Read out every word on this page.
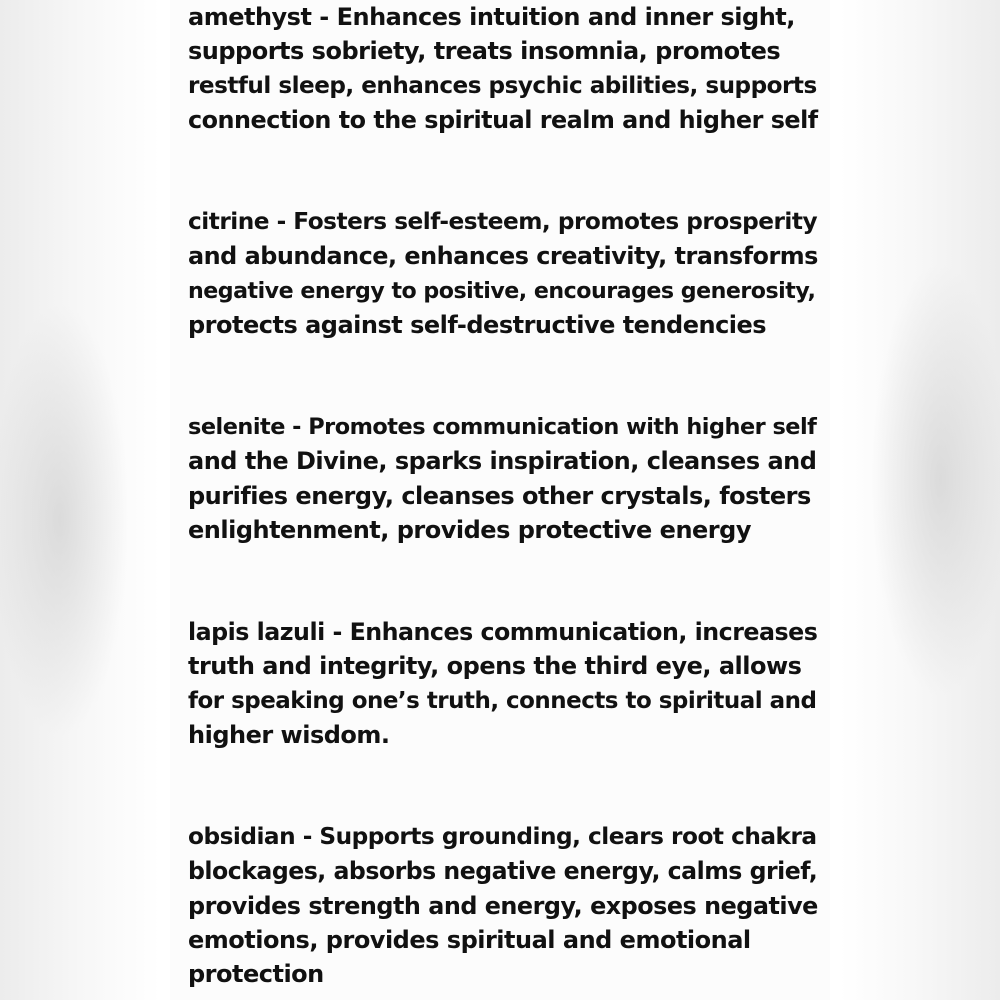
amethyst - Enhances intuition and inner sight,
supports sobriety, treats insomnia, promotes
restful sleep, enhances psychic abilities, supports
connection to the spiritual realm and higher self

citrine - Fosters self-esteem, promotes prosperity
and abundance, enhances creativity, transforms
negative energy to positive, encourages generosity,
protects against self-destructive tendencies

selenite - Promotes communication with higher self
and the Divine, sparks inspiration, cleanses and
purifies energy, cleanses other crystals, fosters
enlightenment, provides protective energy

lapis lazuli - Enhances communication, increases
truth and integrity, opens the third eye, allows
for speaking one’s truth, connects to spiritual and
higher wisdom.

obsidian - Supports grounding, clears root chakra
blockages, absorbs negative energy, calms grief,
provides strength and energy, exposes negative
emotions, provides spiritual and emotional
protection
